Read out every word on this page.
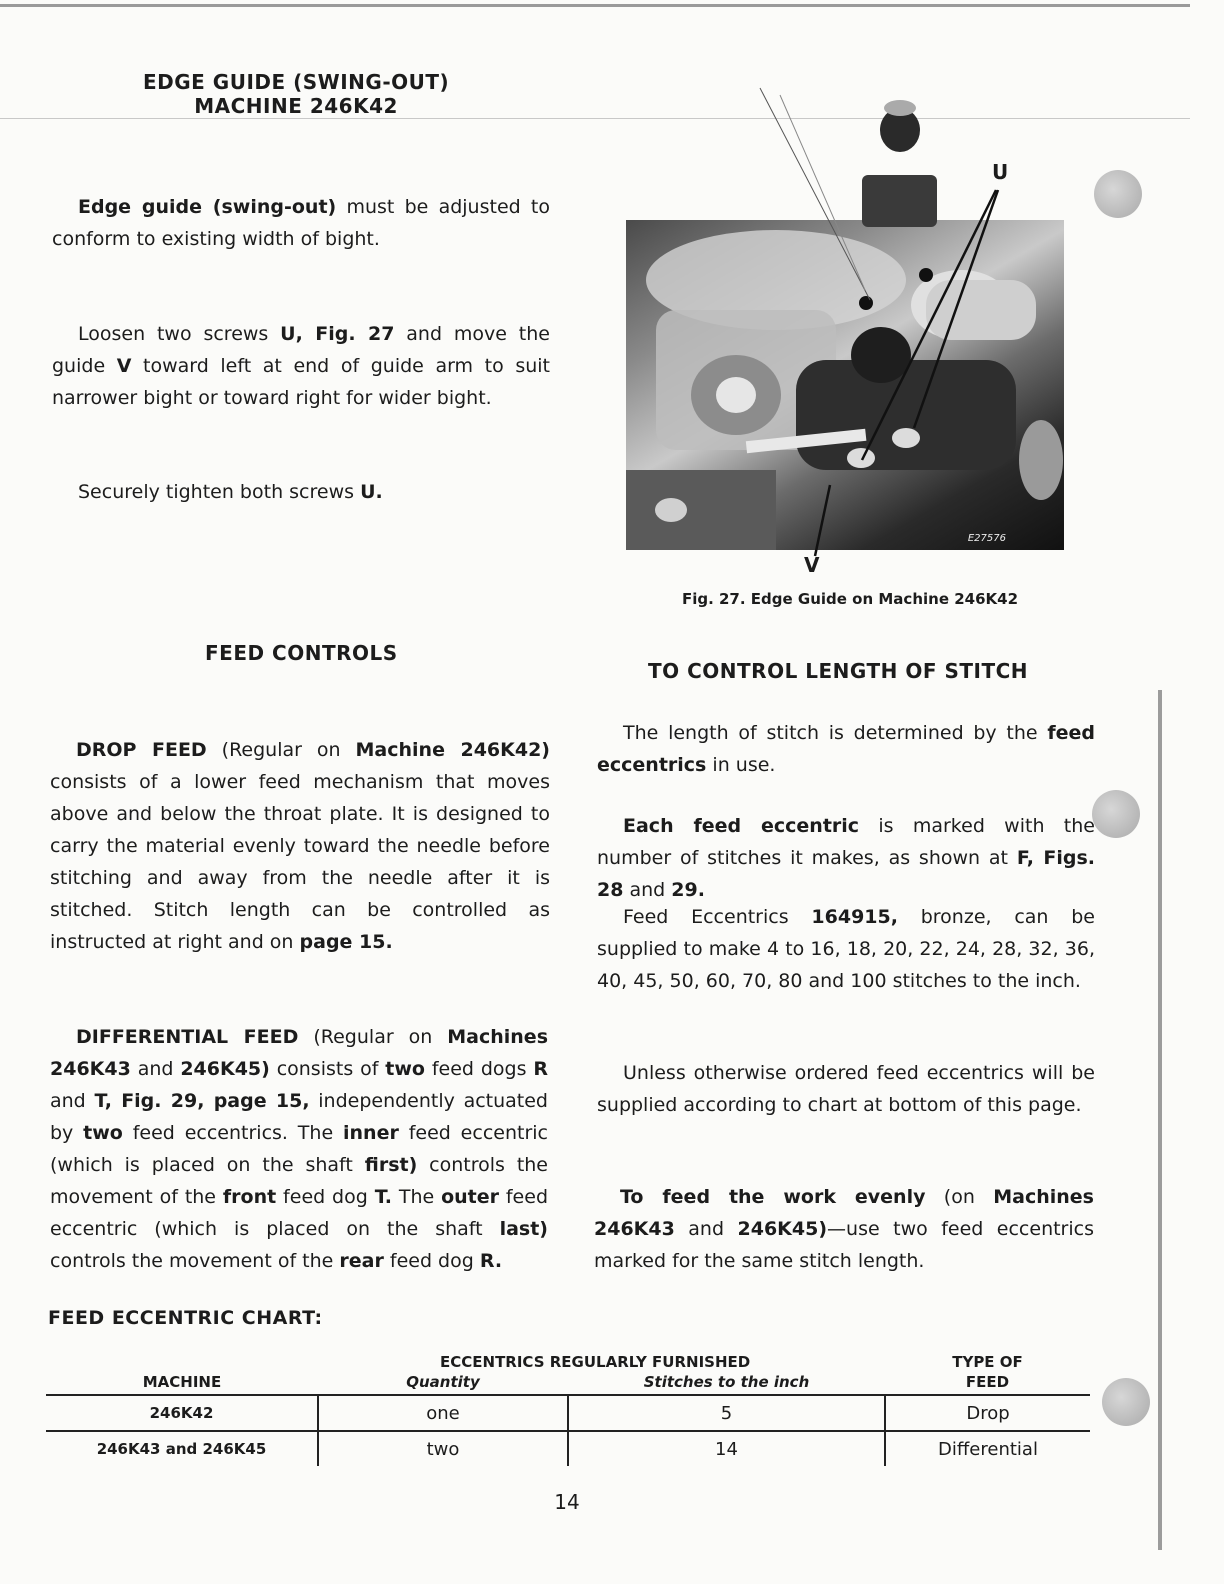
EDGE GUIDE (SWING-OUT)
MACHINE 246K42
Edge guide (swing-out) must be adjusted to conform to existing width of bight.
Loosen two screws U, Fig. 27 and move the guide V toward left at end of guide arm to suit narrower bight or toward right for wider bight.
Securely tighten both screws U.
E27576
U
V
Fig. 27. Edge Guide on Machine 246K42
FEED CONTROLS
DROP FEED (Regular on Machine 246K42) consists of a lower feed mechanism that moves above and below the throat plate. It is designed to carry the material evenly toward the needle before stitching and away from the needle after it is stitched. Stitch length can be controlled as instructed at right and on page 15.
DIFFERENTIAL FEED (Regular on Machines 246K43 and 246K45) consists of two feed dogs R and T, Fig. 29, page 15, independently actuated by two feed eccentrics. The inner feed eccentric (which is placed on the shaft first) controls the movement of the front feed dog T. The outer feed eccentric (which is placed on the shaft last) controls the movement of the rear feed dog R.
TO CONTROL LENGTH OF STITCH
The length of stitch is determined by the feed eccentrics in use.
Each feed eccentric is marked with the number of stitches it makes, as shown at F, Figs. 28 and 29.
Feed Eccentrics 164915, bronze, can be supplied to make 4 to 16, 18, 20, 22, 24, 28, 32, 36, 40, 45, 50, 60, 70, 80 and 100 stitches to the inch.
Unless otherwise ordered feed eccentrics will be supplied according to chart at bottom of this page.
To feed the work evenly (on Machines 246K43 and 246K45)—use two feed eccentrics marked for the same stitch length.
FEED ECCENTRIC CHART:
MACHINE	ECCENTRICS REGULARLY FURNISHED		TYPE OF
	Quantity	Stitches to the inch	FEED
246K42	one	5	Drop
246K43 and 246K45	two	14	Differential
14
